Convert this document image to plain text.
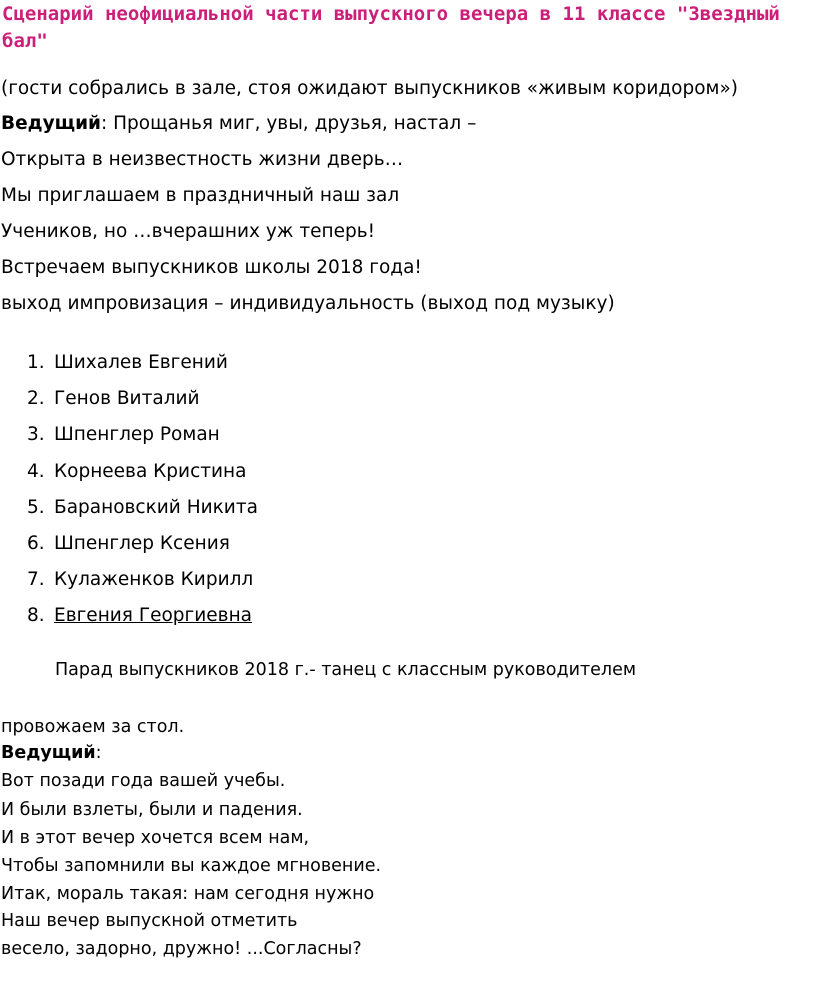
Сценарий неофициальной части выпускного вечера в 11 классе "Звездный бал"

(гости собрались в зале, стоя ожидают выпускников «живым коридором»)

Ведущий: Прощанья миг, увы, друзья, настал –

Открыта в неизвестность жизни дверь…

Мы приглашаем в праздничный наш зал

Учеников, но …вчерашних уж теперь!

Встречаем выпускников школы 2018 года!

выход импровизация – индивидуальность (выход под музыку)

1. Шихалев Евгений
2. Генов Виталий
3. Шпенглер Роман
4. Корнеева Кристина
5. Барановский Никита
6. Шпенглер Ксения
7. Кулаженков Кирилл
8. Евгения Георгиевна

Парад выпускников 2018 г.- танец с классным руководителем

провожаем за стол.

Ведущий:

Вот позади года вашей учебы.

И были взлеты, были и падения.

И в этот вечер хочется всем нам,

Чтобы запомнили вы каждое мгновение.

Итак, мораль такая: нам сегодня нужно

Наш вечер выпускной отметить

весело, задорно, дружно! ...Согласны?
